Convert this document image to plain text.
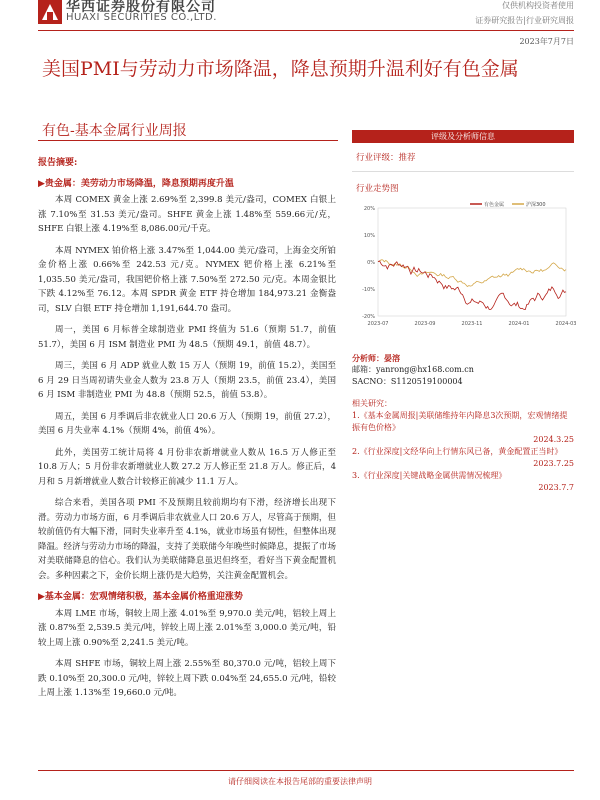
华西证券股份有限公司
HUAXI SECURITIES CO.,LTD.
仅供机构投资者使用
证券研究报告|行业研究周报
2023年7月7日
美国PMI与劳动力市场降温，降息预期升温利好有色金属
有色-基本金属行业周报
报告摘要:
▶贵金属：美劳动力市场降温，降息预期再度升温
本周 COMEX 黄金上涨 2.69%至 2,399.8 美元/盎司，COMEX 白银上涨 7.10%至 31.53 美元/盎司。SHFE 黄金上涨 1.48%至 559.66元/克，SHFE 白银上涨 4.19%至 8,086.00元/千克。
本周 NYMEX 铂价格上涨 3.47%至 1,044.00 美元/盎司，上海金交所铂金价格上涨 0.66%至 242.53 元/克。NYMEX 钯价格上涨 6.21%至 1,035.50 美元/盎司，我国钯价格上涨 7.50%至 272.50 元/克。本周金银比下跌 4.12%至 76.12。本周 SPDR 黄金 ETF 持仓增加 184,973.21 金衡盎司，SLV 白银 ETF 持仓增加 1,191,644.70 盎司。
周一，美国 6 月标普全球制造业 PMI 终值为 51.6（预期 51.7，前值 51.7），美国 6 月 ISM 制造业 PMI 为 48.5（预期 49.1，前值 48.7）。
周三，美国 6 月 ADP 就业人数 15 万人（预期 19，前值 15.2），美国至 6 月 29 日当周初请失业金人数为 23.8 万人（预期 23.5，前值 23.4），美国 6 月 ISM 非制造业 PMI 为 48.8（预期 52.5，前值 53.8）。
周五，美国 6 月季调后非农就业人口 20.6 万人（预期 19，前值 27.2），美国 6 月失业率 4.1%（预期 4%，前值 4%）。
此外，美国劳工统计局将 4 月份非农新增就业人数从 16.5 万人修正至 10.8 万人；5 月份非农新增就业人数 27.2 万人修正至 21.8 万人。修正后，4 月和 5 月新增就业人数合计较修正前减少 11.1 万人。
综合来看，美国各项 PMI 不及预期且较前期均有下滑，经济增长出现下滑。劳动力市场方面，6 月季调后非农就业人口 20.6 万人，尽管高于预期，但较前值仍有大幅下滑，同时失业率升至 4.1%，就业市场虽有韧性，但整体出现降温。经济与劳动力市场的降温，支持了美联储今年晚些时候降息，提振了市场对美联储降息的信心。我们认为美联储降息虽迟但终至，看好当下黄金配置机会。多种因素之下，金价长期上涨仍是大趋势，关注黄金配置机会。
▶基本金属：宏观情绪积极，基本金属价格重迎涨势
本周 LME 市场，铜较上周上涨 4.01%至 9,970.0 美元/吨，铝较上周上涨 0.87%至 2,539.5 美元/吨，锌较上周上涨 2.01%至 3,000.0 美元/吨，铅较上周上涨 0.90%至 2,241.5 美元/吨。
本周 SHFE 市场，铜较上周上涨 2.55%至 80,370.0 元/吨，铝较上周下跌 0.10%至 20,300.0 元/吨，锌较上周下跌 0.04%至 24,655.0 元/吨，铅较上周上涨 1.13%至 19,660.0 元/吨。
评级及分析师信息
行业评级：推荐
行业走势图
20%
10%
0%
-10%
-20%
2023-07	2023-09	2023-11	2024-01	2024-03
有色金属	沪深300
分析师：晏溶
邮箱：yanrong@hx168.com.cn
SACNO：S1120519100004
相关研究：
1.《基本金属周报|美联储维持年内降息3次预期，宏观情绪提振有色价格》
2024.3.25
2.《行业深度|文经华向上行情东风已备，黄金配置正当时》
2023.7.25
3.《行业深度|关键战略金属供需情况梳理》
2023.7.7
请仔细阅读在本报告尾部的重要法律声明
